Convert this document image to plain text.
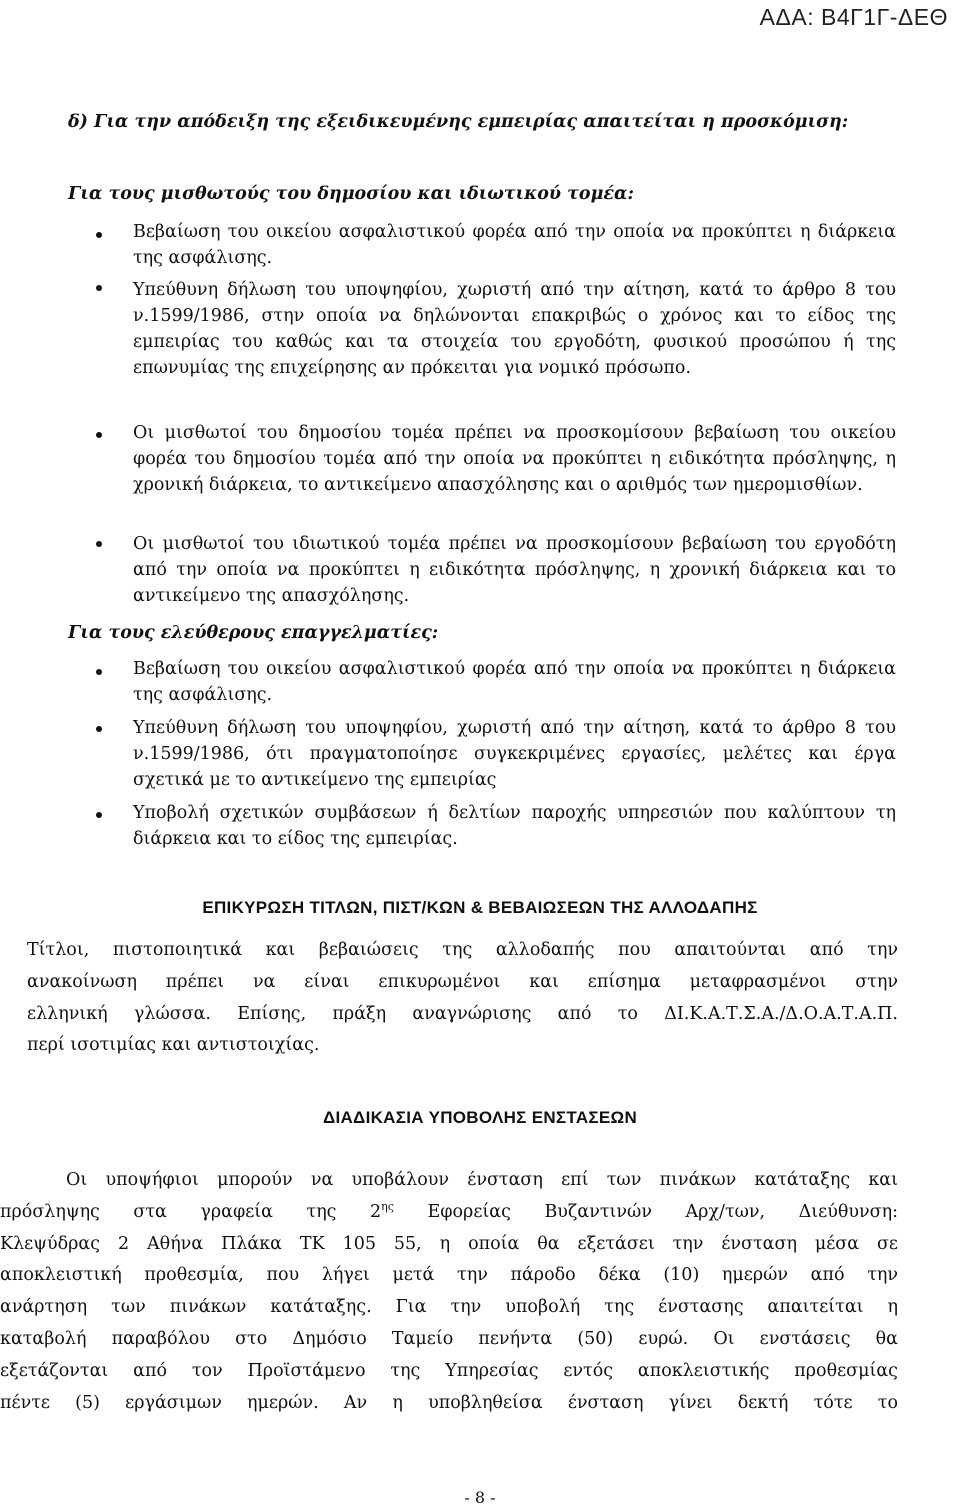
ΑΔΑ: Β4Γ1Γ-ΔΕΘ
δ) Για την απόδειξη της εξειδικευμένης εμπειρίας απαιτείται η προσκόμιση:
Για τους μισθωτούς του δημοσίου και ιδιωτικού τομέα:
Βεβαίωση του οικείου ασφαλιστικού φορέα από την οποία να προκύπτει η διάρκεια της ασφάλισης.
Υπεύθυνη δήλωση του υποψηφίου, χωριστή από την αίτηση, κατά το άρθρο 8 του ν.1599/1986, στην οποία να δηλώνονται επακριβώς ο χρόνος και το είδος της εμπειρίας του καθώς και τα στοιχεία του εργοδότη, φυσικού προσώπου ή της επωνυμίας της επιχείρησης αν πρόκειται για νομικό πρόσωπο.
Οι μισθωτοί του δημοσίου τομέα πρέπει να προσκομίσουν βεβαίωση του οικείου φορέα του δημοσίου τομέα από την οποία να προκύπτει η ειδικότητα πρόσληψης, η χρονική διάρκεια, το αντικείμενο απασχόλησης και ο αριθμός των ημερομισθίων.
Οι μισθωτοί του ιδιωτικού τομέα πρέπει να προσκομίσουν βεβαίωση του εργοδότη από την οποία να προκύπτει η ειδικότητα πρόσληψης, η χρονική διάρκεια και το αντικείμενο της απασχόλησης.
Για τους ελεύθερους επαγγελματίες:
Βεβαίωση του οικείου ασφαλιστικού φορέα από την οποία να προκύπτει η διάρκεια της ασφάλισης.
Υπεύθυνη δήλωση του υποψηφίου, χωριστή από την αίτηση, κατά το άρθρο 8 του ν.1599/1986, ότι πραγματοποίησε συγκεκριμένες εργασίες, μελέτες και έργα σχετικά με το αντικείμενο της εμπειρίας
Υποβολή σχετικών συμβάσεων ή δελτίων παροχής υπηρεσιών που καλύπτουν τη διάρκεια και το είδος της εμπειρίας.
ΕΠΙΚΥΡΩΣΗ ΤΙΤΛΩΝ, ΠΙΣΤ/ΚΩΝ & ΒΕΒΑΙΩΣΕΩΝ ΤΗΣ ΑΛΛΟΔΑΠΗΣ
Τίτλοι, πιστοποιητικά και βεβαιώσεις της αλλοδαπής που απαιτούνται από την
ανακοίνωση πρέπει να είναι επικυρωμένοι και επίσημα μεταφρασμένοι στην
ελληνική γλώσσα. Επίσης, πράξη αναγνώρισης από το ΔΙ.Κ.Α.Τ.Σ.Α./Δ.Ο.Α.Τ.Α.Π.
περί ισοτιμίας και αντιστοιχίας.
ΔΙΑΔΙΚΑΣΙΑ ΥΠΟΒΟΛΗΣ ΕΝΣΤΑΣΕΩΝ
Οι υποψήφιοι μπορούν να υποβάλουν ένσταση επί των πινάκων κατάταξης και
πρόσληψης στα γραφεία της $2^{\eta\varsigma}$ Εφορείας Βυζαντινών Αρχ/των, Διεύθυνση:
Κλεψύδρας 2 Αθήνα Πλάκα ΤΚ 105 55, η οποία θα εξετάσει την ένσταση μέσα σε
αποκλειστική προθεσμία, που λήγει μετά την πάροδο δέκα (10) ημερών από την
ανάρτηση των πινάκων κατάταξης. Για την υποβολή της ένστασης απαιτείται η
καταβολή παραβόλου στο Δημόσιο Ταμείο πενήντα (50) ευρώ. Οι ενστάσεις θα
εξετάζονται από τον Προϊστάμενο της Υπηρεσίας εντός αποκλειστικής προθεσμίας
πέντε (5) εργάσιμων ημερών. Αν η υποβληθείσα ένσταση γίνει δεκτή τότε το
- 8 -
